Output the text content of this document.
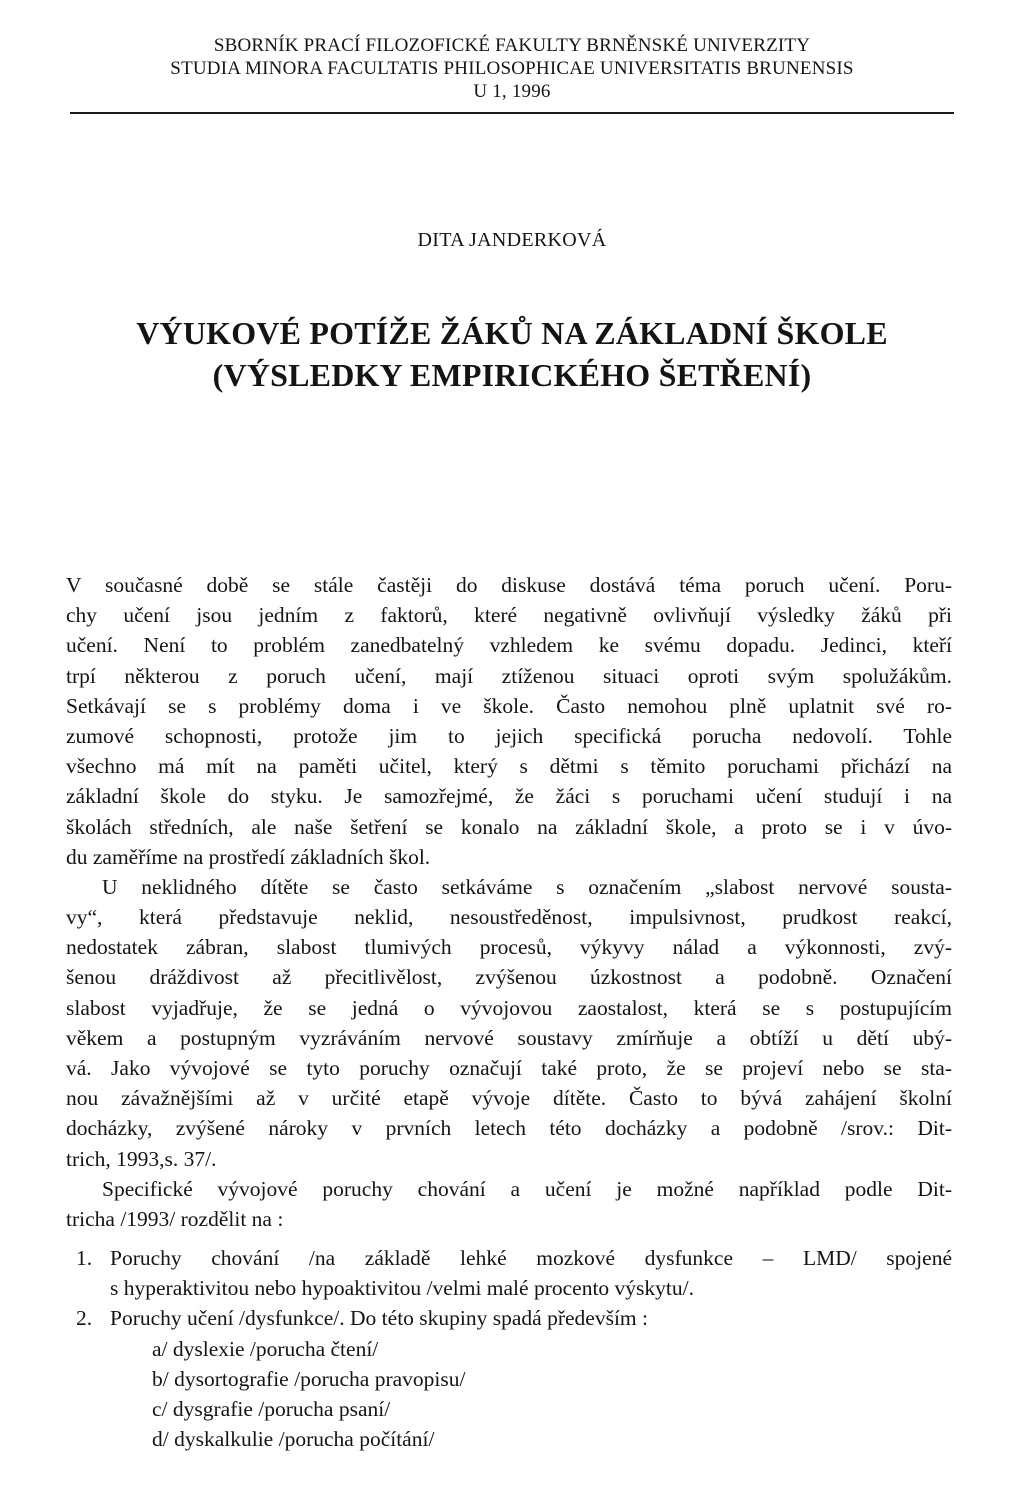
SBORNÍK PRACÍ FILOZOFICKÉ FAKULTY BRNĚNSKÉ UNIVERZITY
STUDIA MINORA FACULTATIS PHILOSOPHICAE UNIVERSITATIS BRUNENSIS
U 1, 1996
DITA JANDERKOVÁ
VÝUKOVÉ POTÍŽE ŽÁKŮ NA ZÁKLADNÍ ŠKOLE
(VÝSLEDKY EMPIRICKÉHO ŠETŘENÍ)
V současné době se stále častěji do diskuse dostává téma poruch učení. Poru-
chy učení jsou jedním z faktorů, které negativně ovlivňují výsledky žáků při
učení. Není to problém zanedbatelný vzhledem ke svému dopadu. Jedinci, kteří
trpí některou z poruch učení, mají ztíženou situaci oproti svým spolužákům.
Setkávají se s problémy doma i ve škole. Často nemohou plně uplatnit své ro-
zumové schopnosti, protože jim to jejich specifická porucha nedovolí. Tohle
všechno má mít na paměti učitel, který s dětmi s těmito poruchami přichází na
základní škole do styku. Je samozřejmé, že žáci s poruchami učení studují i na
školách středních, ale naše šetření se konalo na základní škole, a proto se i v úvo-
du zaměříme na prostředí základních škol.
U neklidného dítěte se často setkáváme s označením „slabost nervové sousta-
vy“, která představuje neklid, nesoustředěnost, impulsivnost, prudkost reakcí,
nedostatek zábran, slabost tlumivých procesů, výkyvy nálad a výkonnosti, zvý-
šenou dráždivost až přecitlivělost, zvýšenou úzkostnost a podobně. Označení
slabost vyjadřuje, že se jedná o vývojovou zaostalost, která se s postupujícím
věkem a postupným vyzráváním nervové soustavy zmírňuje a obtíží u dětí ubý-
vá. Jako vývojové se tyto poruchy označují také proto, že se projeví nebo se sta-
nou závažnějšími až v určité etapě vývoje dítěte. Často to bývá zahájení školní
docházky, zvýšené nároky v prvních letech této docházky a podobně /srov.: Dit-
trich, 1993,s. 37/.
Specifické vývojové poruchy chování a učení je možné například podle Dit-
tricha /1993/ rozdělit na :
1. Poruchy chování /na základě lehké mozkové dysfunkce – LMD/ spojené
s hyperaktivitou nebo hypoaktivitou /velmi malé procento výskytu/.
2. Poruchy učení /dysfunkce/. Do této skupiny spadá především :
a/ dyslexie /porucha čtení/
b/ dysortografie /porucha pravopisu/
c/ dysgrafie /porucha psaní/
d/ dyskalkulie /porucha počítání/
